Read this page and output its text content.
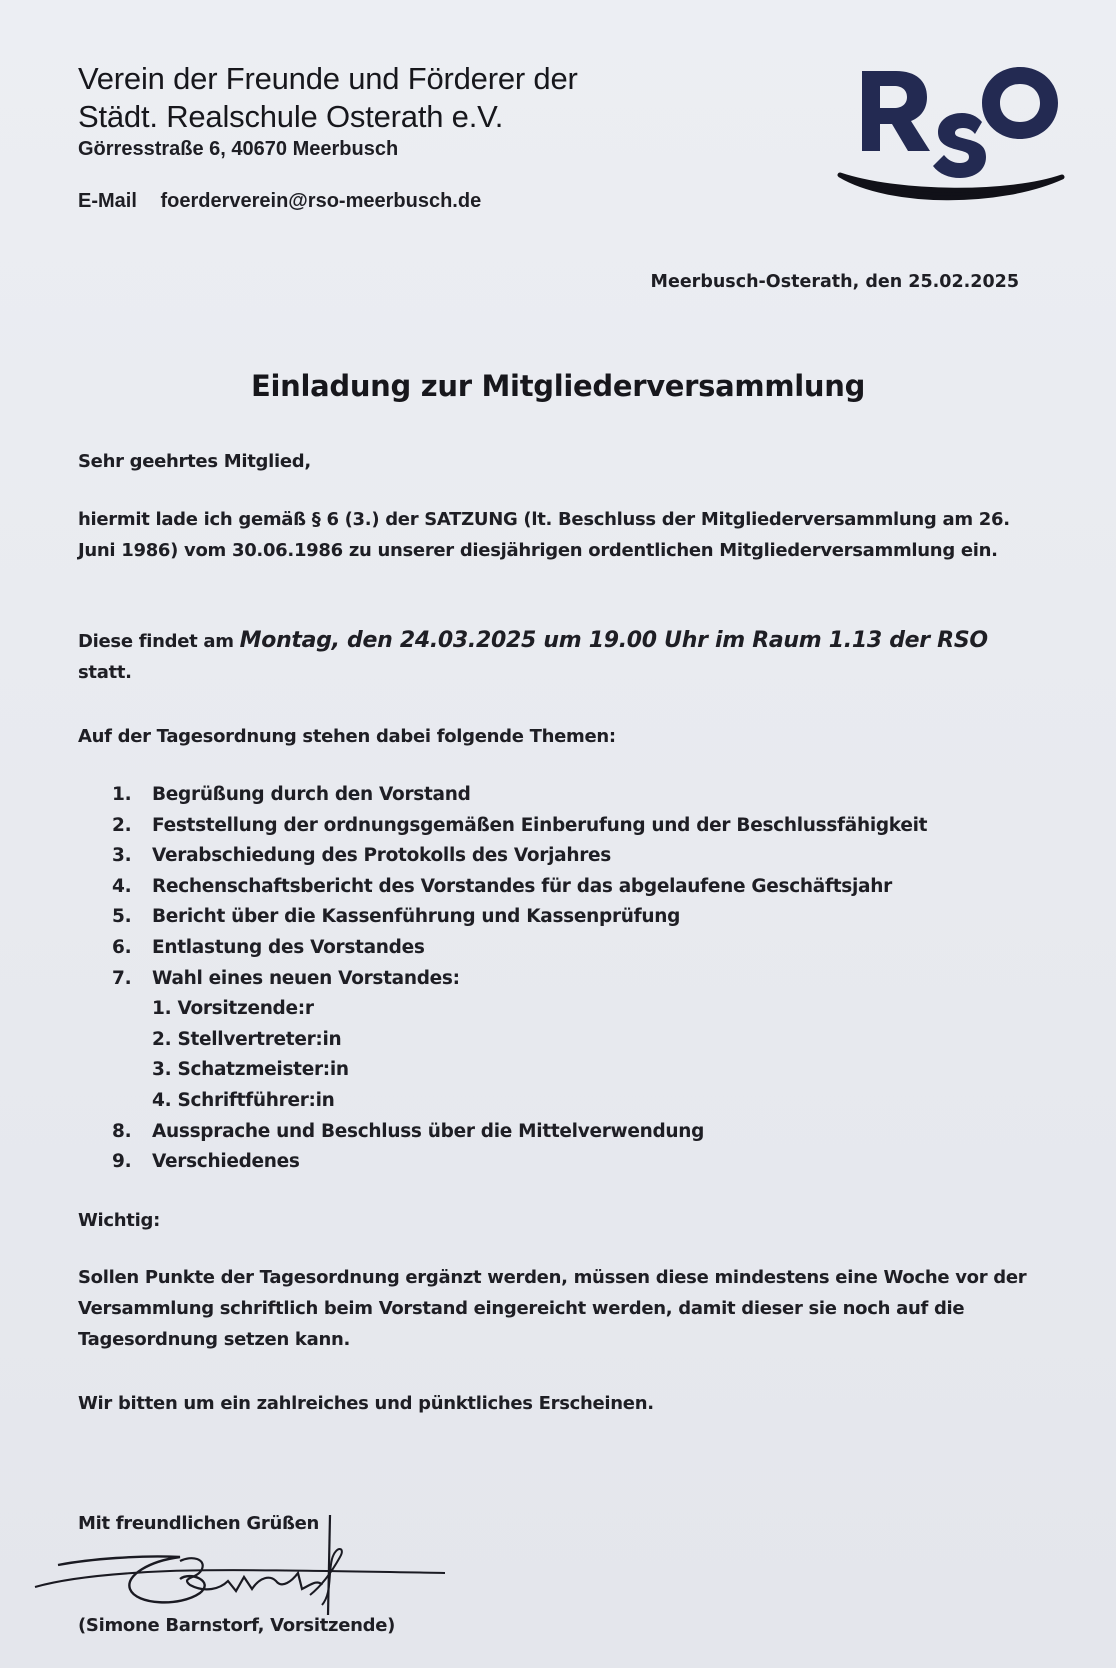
Verein der Freunde und Förderer der
Städt. Realschule Osterath e.V.
Görresstraße 6, 40670 Meerbusch
E-Mail foerderverein@rso-meerbusch.de
Meerbusch-Osterath, den 25.02.2025
Einladung zur Mitgliederversammlung
Sehr geehrtes Mitglied,
hiermit lade ich gemäß § 6 (3.) der SATZUNG (lt. Beschluss der Mitgliederversammlung am 26. Juni 1986) vom 30.06.1986 zu unserer diesjährigen ordentlichen Mitgliederversammlung ein.
Diese findet am Montag, den 24.03.2025 um 19.00 Uhr im Raum 1.13 der RSO
statt.
Auf der Tagesordnung stehen dabei folgende Themen:
1. Begrüßung durch den Vorstand
2. Feststellung der ordnungsgemäßen Einberufung und der Beschlussfähigkeit
3. Verabschiedung des Protokolls des Vorjahres
4. Rechenschaftsbericht des Vorstandes für das abgelaufene Geschäftsjahr
5. Bericht über die Kassenführung und Kassenprüfung
6. Entlastung des Vorstandes
7. Wahl eines neuen Vorstandes:
1. Vorsitzende:r
2. Stellvertreter:in
3. Schatzmeister:in
4. Schriftführer:in
8. Aussprache und Beschluss über die Mittelverwendung
9. Verschiedenes
Wichtig:
Sollen Punkte der Tagesordnung ergänzt werden, müssen diese mindestens eine Woche vor der Versammlung schriftlich beim Vorstand eingereicht werden, damit dieser sie noch auf die Tagesordnung setzen kann.
Wir bitten um ein zahlreiches und pünktliches Erscheinen.
Mit freundlichen Grüßen
(Simone Barnstorf, Vorsitzende)
